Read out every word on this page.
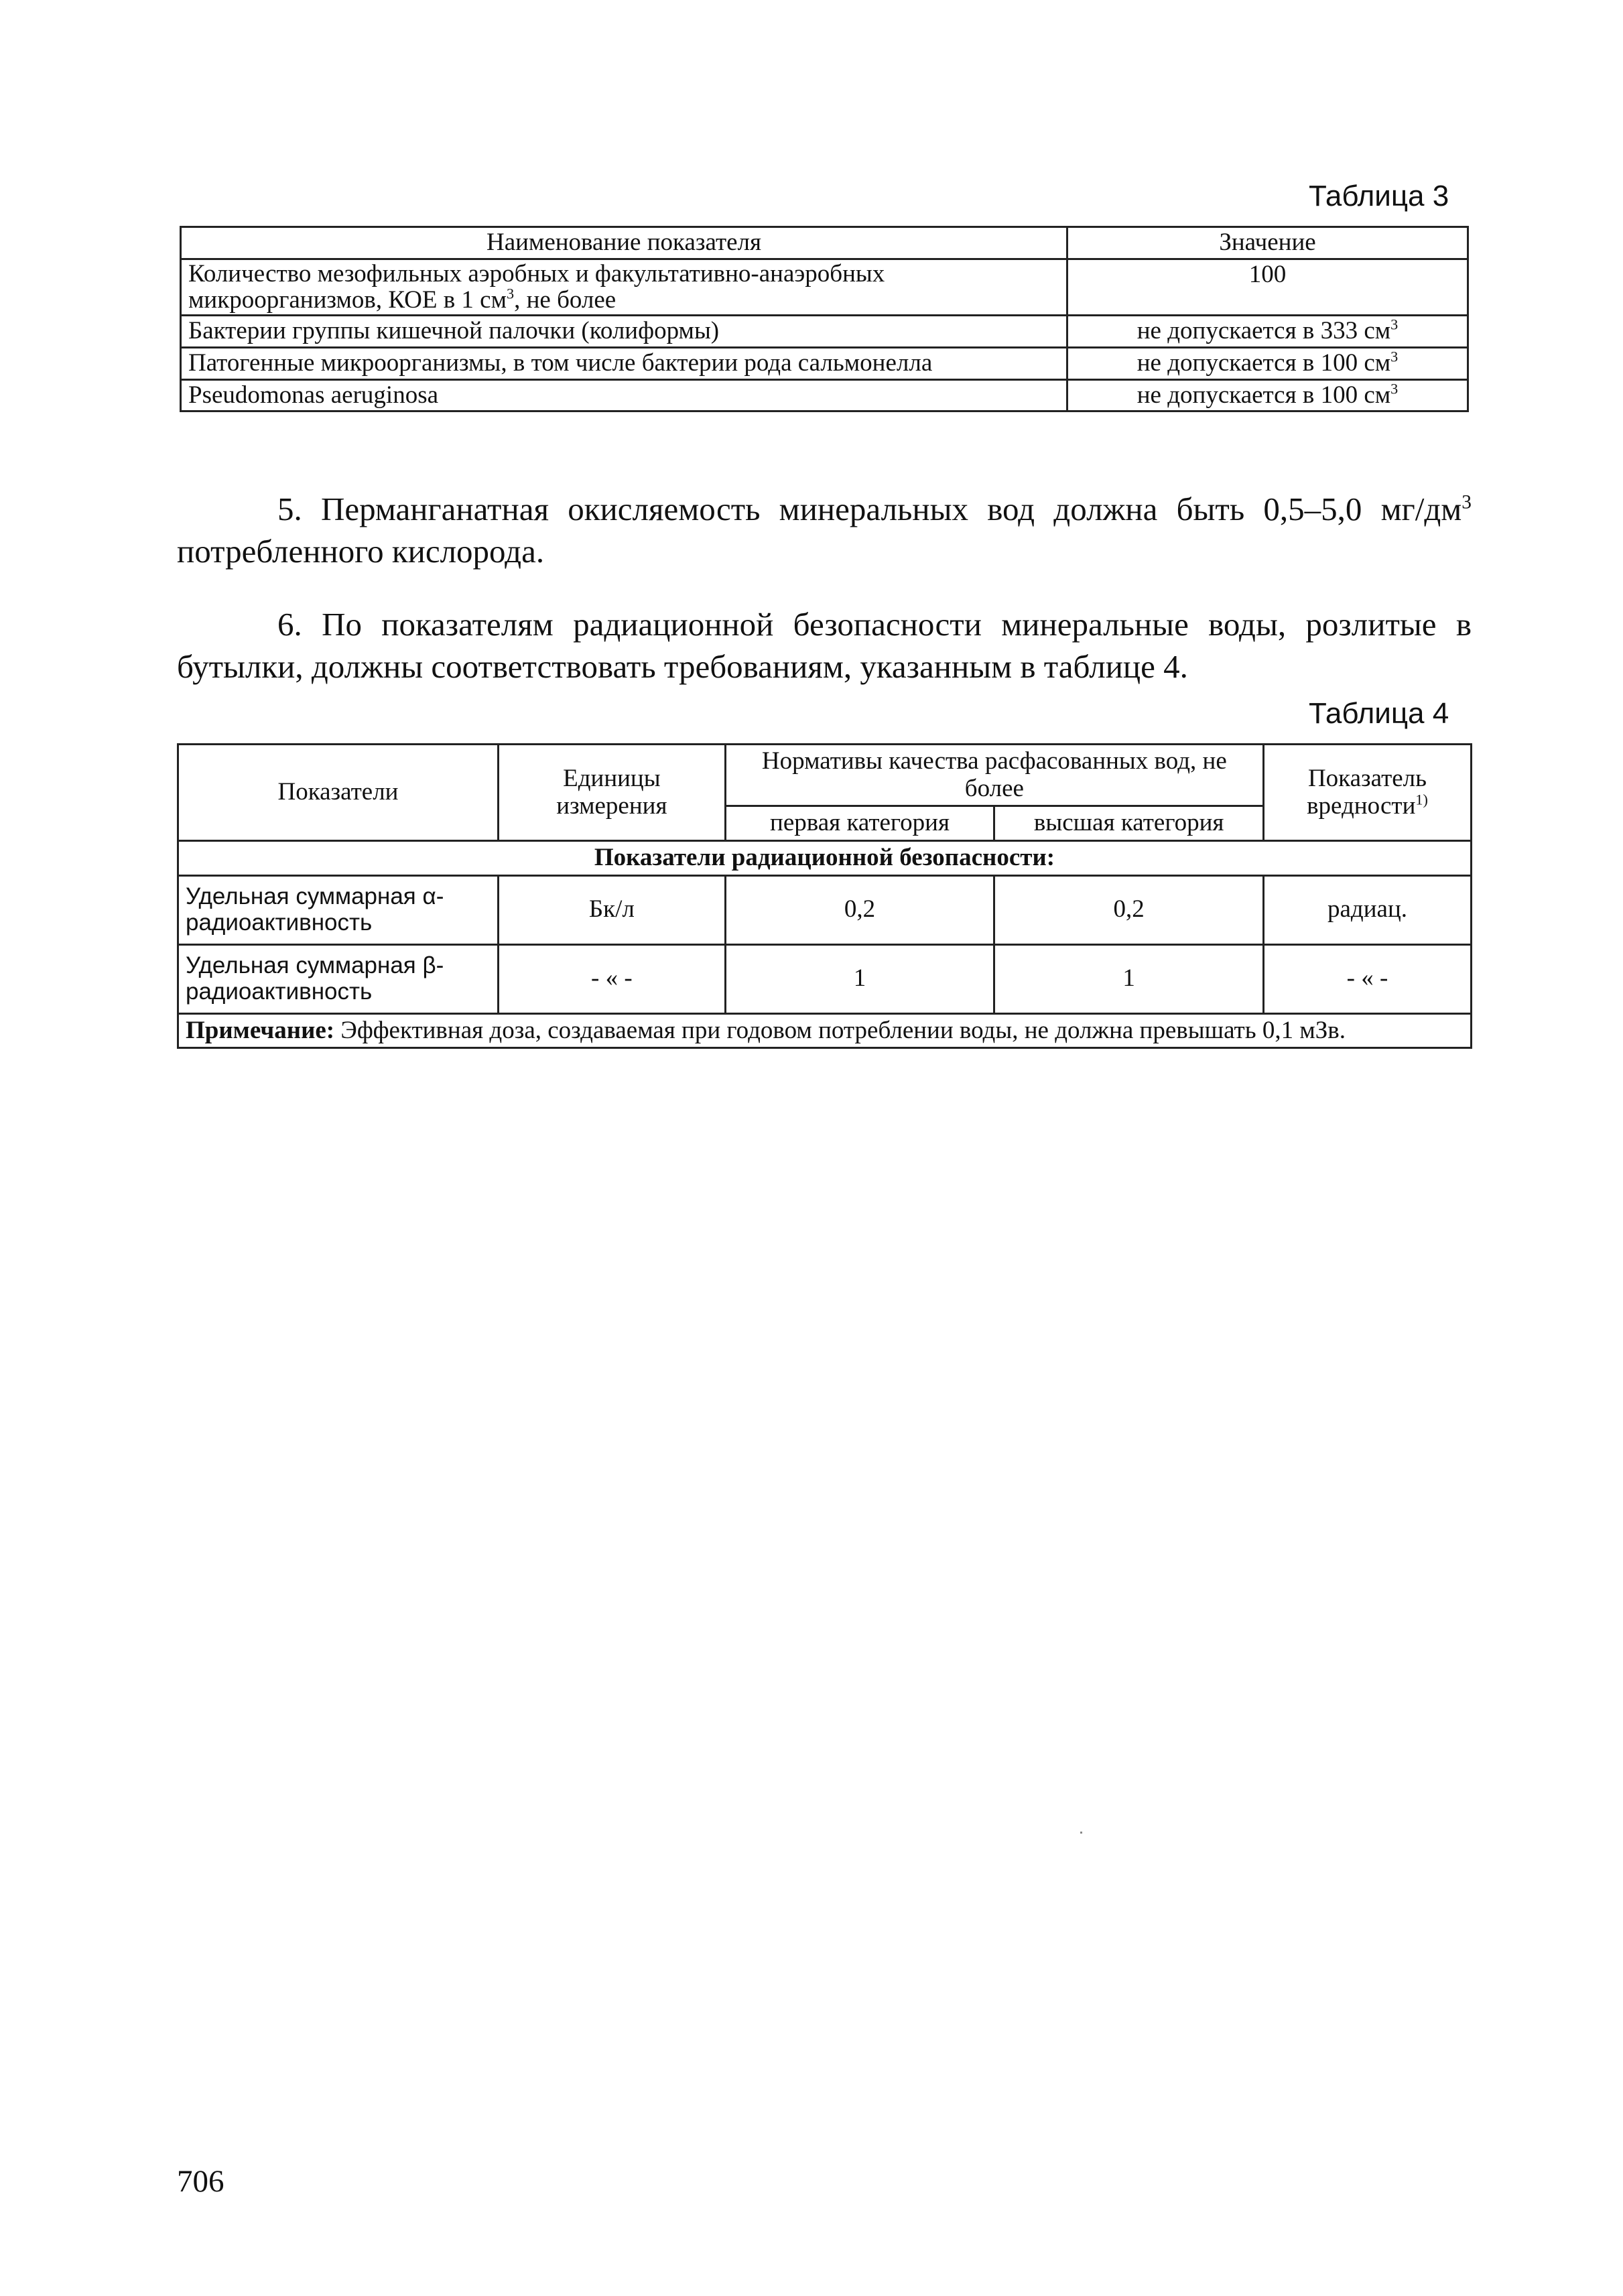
Таблица 3
Наименование показателя	Значение
Количество мезофильных аэробных и факультативно-анаэробных микроорганизмов, КОЕ в 1 $см^3$, не более	100
Бактерии группы кишечной палочки (колиформы)	не допускается в 333 $см^3$
Патогенные микроорганизмы, в том числе бактерии рода сальмонелла	не допускается в 100 $см^3$
Pseudomonas aeruginosa	не допускается в 100 $см^3$

5. Перманганатная окисляемость минеральных вод должна быть 0,5–5,0 $мг/дм^3$ потребленного кислорода.

6. По показателям радиационной безопасности минеральные воды, розлитые в бутылки, должны соответствовать требованиям, указанным в таблице 4.

Таблица 4
Показатели	Единицы измерения	Нормативы качества расфасованных вод, не более		Показатель вредности$^{1)}$
		первая категория	высшая категория	
Показатели радиационной безопасности:				
Удельная суммарная α-радиоактивность	Бк/л	0,2	0,2	радиац.
Удельная суммарная β-радиоактивность	- « -	1	1	- « -
Примечание: Эффективная доза, создаваемая при годовом потреблении воды, не должна превышать 0,1 мЗв.				
706
